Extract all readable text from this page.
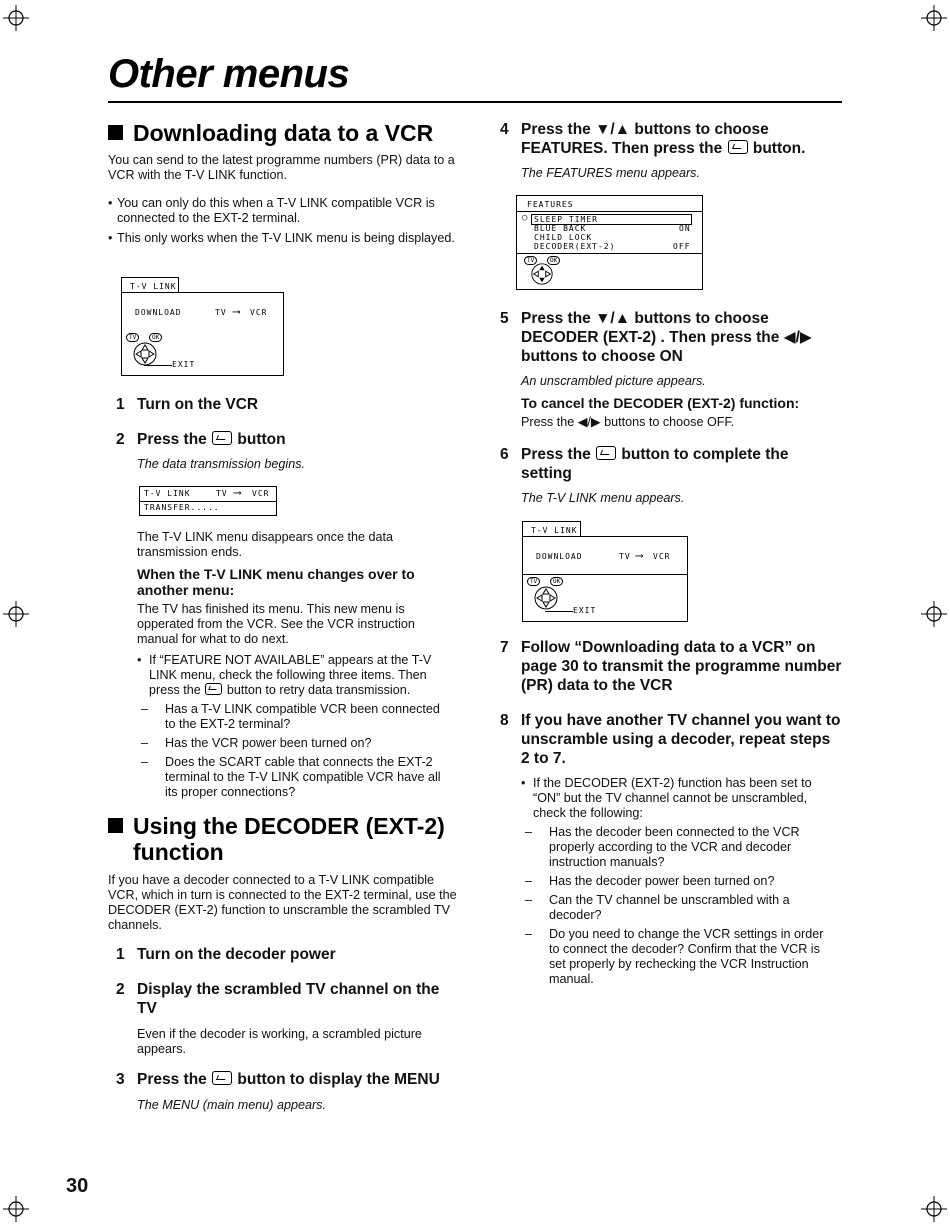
Other menus
Downloading data to a VCR

You can send to the latest programme numbers (PR) data to a VCR with the T-V LINK function.

• You can only do this when a T-V LINK compatible VCR is connected to the EXT-2 terminal.
• This only works when the T-V LINK menu is being displayed.
T-V LINK
DOWNLOAD	TV ⟶ VCR
TV	OK
EXIT
1 Turn on the VCR
2 Press the button
The data transmission begins.
T-V LINK	TV ⟶ VCR
TRANSFER.....

The T-V LINK menu disappears once the data transmission ends.

When the T-V LINK menu changes over to another menu:

The TV has finished its menu. This new menu is opperated from the VCR. See the VCR instruction manual for what to do next.

• If “FEATURE NOT AVAILABLE” appears at the T-V LINK menu, check the following three items. Then press the button to retry data transmission.
– Has a T-V LINK compatible VCR been connected to the EXT-2 terminal?
– Has the VCR power been turned on?
– Does the SCART cable that connects the EXT-2 terminal to the T-V LINK compatible VCR have all its proper connections?
Using the DECODER (EXT-2)
function

If you have a decoder connected to a T-V LINK compatible VCR, which in turn is connected to the EXT-2 terminal, use the DECODER (EXT-2) function to unscramble the scrambled TV channels.

1 Turn on the decoder power
2 Display the scrambled TV channel on the TV

Even if the decoder is working, a scrambled picture appears.

3 Press the button to display the MENU
The MENU (main menu) appears.
4 Press the ▼/▲ buttons to choose FEATURES. Then press the button.
The FEATURES menu appears.
FEATURES
○ SLEEP TIMER
BLUE BACK	ON
CHILD LOCK
DECODER(EXT-2)	OFF
TV	OK
5 Press the ▼/▲ buttons to choose DECODER (EXT-2) . Then press the ◀/▶ buttons to choose ON
An unscrambled picture appears.
To cancel the DECODER (EXT-2) function:

Press the ◀/▶ buttons to choose OFF.

6 Press the button to complete the setting
The T-V LINK menu appears.
T-V LINK
DOWNLOAD	TV ⟶ VCR
TV	OK
EXIT
7 Follow “Downloading data to a VCR” on page 30 to transmit the programme number (PR) data to the VCR
8 If you have another TV channel you want to unscramble using a decoder, repeat steps 2 to 7.
• If the DECODER (EXT-2) function has been set to “ON” but the TV channel cannot be unscrambled, check the following:
– Has the decoder been connected to the VCR properly according to the VCR and decoder instruction manuals?
– Has the decoder power been turned on?
– Can the TV channel be unscrambled with a decoder?
– Do you need to change the VCR settings in order to connect the decoder? Confirm that the VCR is set properly by rechecking the VCR Instruction manual.
30
